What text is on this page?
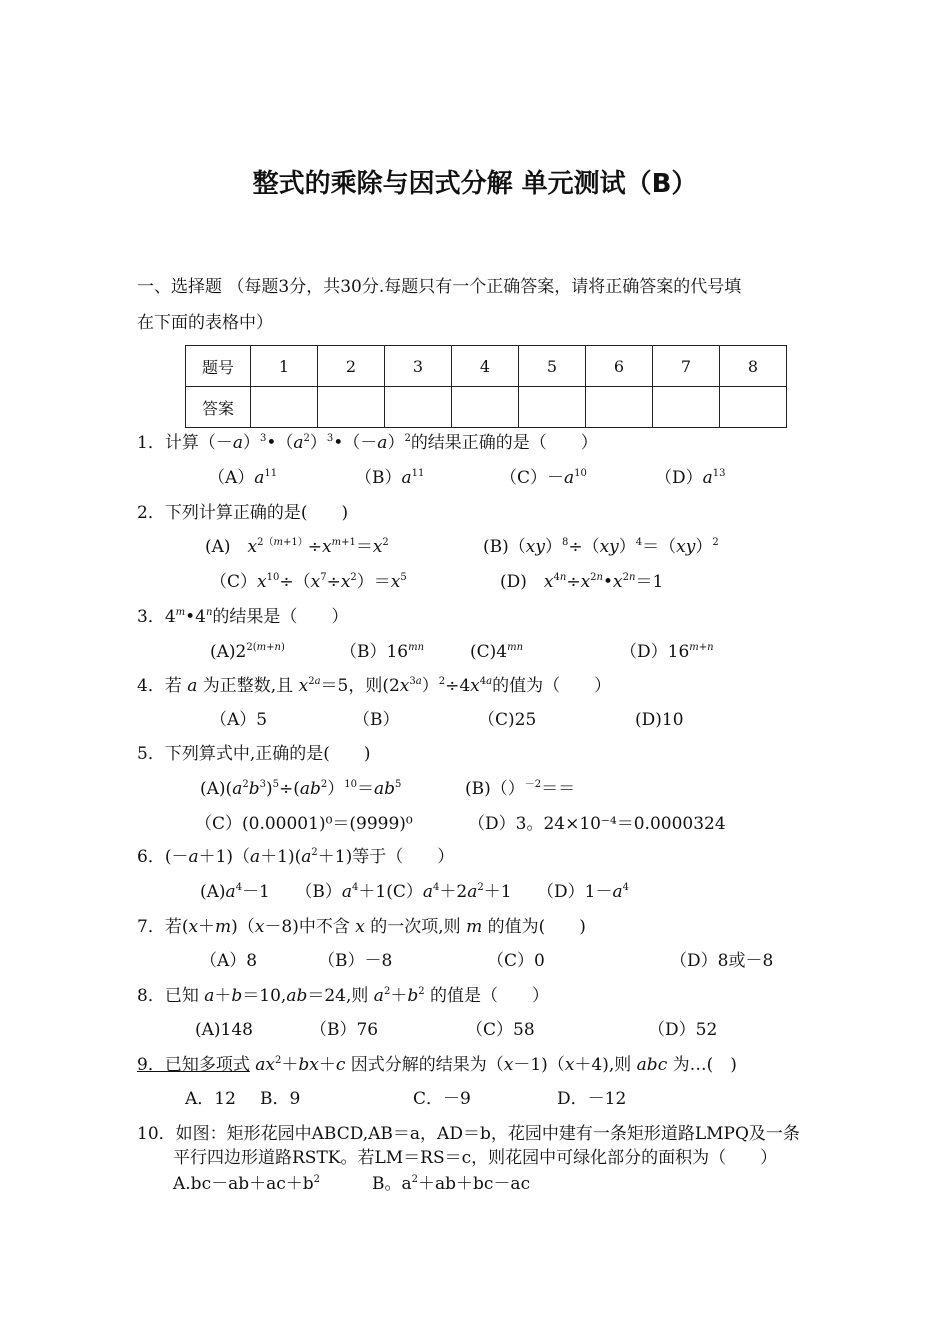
整式的乘除与因式分解 单元测试（B）
一、选择题 （每题3分，共30分.每题只有一个正确答案，请将正确答案的代号填
在下面的表格中）
题号	1	2	3	4	5	6	7	8
答案								
1．计算$(-a)^3•(a^2)^3•(-a)^2$的结果正确的是（　　）
$(A)a^{11}$	$(B)a^{11}$	$(C)-a^{10}$	$(D)a^{13}$
2．下列计算正确的是(　　)
(A)　$x^{2(m+1)}\div x^{m+1}=x^2$	(B)（xy）$^8$÷（xy）$^4$＝（xy）$^2$
$(C)x^{10}\div(x^7\div x^2)=x^5$	(D)　$x^{4n}\div x^{2n}•x^{2n}=1$
3．4$^m$•4$^n$的结果是（　　）
$(A)2^{2(m+n)}$	$(B)16^{mn}$	$(C)4^{mn}$	$(D)16^{m+n}$
4．若 a 为正整数,且 $x^{2a}=5$，则$(2x^{3a})^2\div 4x^{4a}$的值为（　　）
（A）5	（B）	（C)25	(D)10
5．下列算式中,正确的是(　　)
$(A)(a^2b^3)^5\div(ab^2)^{10}=ab^5$	(B)（）$^{-2}$＝＝
（C）(0.00001)⁰＝(9999)⁰	（D）3。24×10⁻⁴＝0.0000324
6．$(-a+1)(a+1)(a^2+1)$等于（　　）
$(A)a^4-1$　　$(B)a^4+1(C)a^4+2a^2+1$　　$(D)1-a^4$
7．若(x＋m)（x－8)中不含 x 的一次项,则 m 的值为(　　)
（A）8	（B）－8	（C）0	（D）8或－8
8．已知 a＋b＝10,ab＝24,则 $a^2+b^2$ 的值是（　　）
(A)148	（B）76	（C）58	（D）52
9．已知多项式 $ax^2+bx+c$ 因式分解的结果为（x－1)（x＋4),则 abc 为…(　)
A．12 B．9	C．－9	D．－12
10．如图：矩形花园中ABCD,AB＝a，AD＝b，花园中建有一条矩形道路LMPQ及一条
平行四边形道路RSTK。若LM＝RS＝c，则花园中可绿化部分的面积为（　　）
$A.bc-ab+ac+b^2$	B。$a^2+ab+bc-ac$
